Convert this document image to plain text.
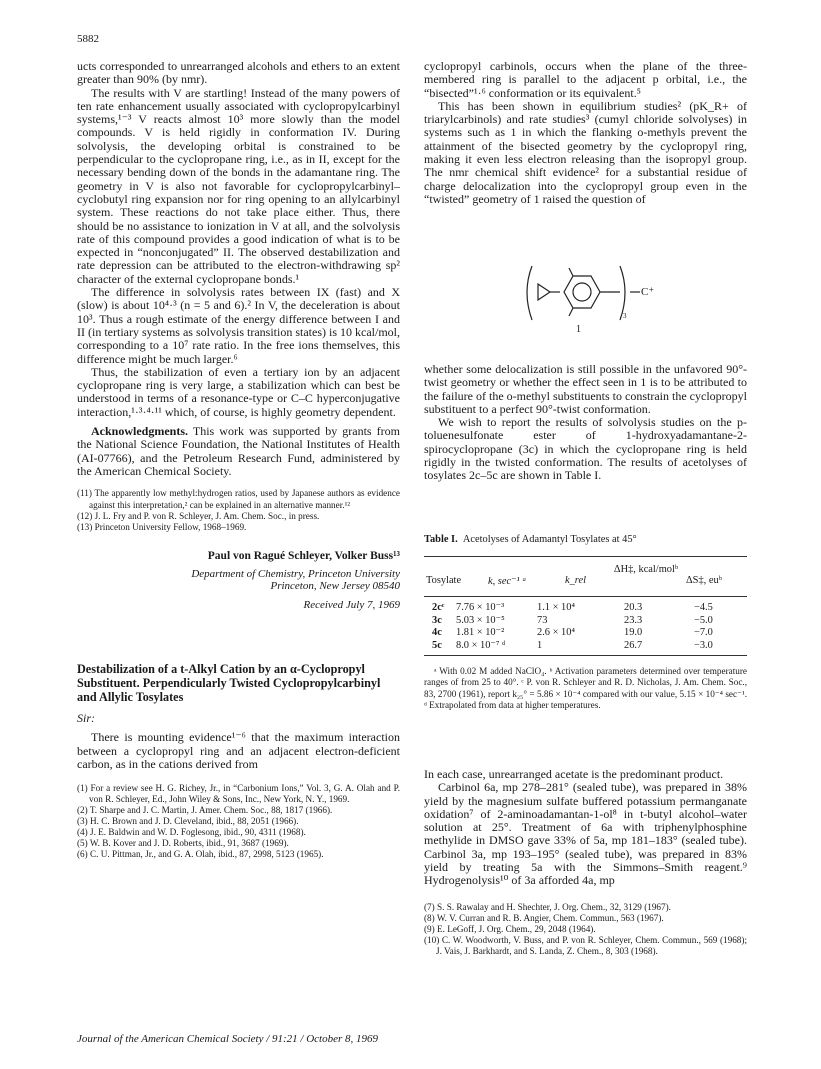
5882

ucts corresponded to unrearranged alcohols and ethers to an extent greater than 90% (by nmr).

The results with V are startling! Instead of the many powers of ten rate enhancement usually associated with cyclopropylcarbinyl systems,¹⁻³ V reacts almost 10³ more slowly than the model compounds. V is held rigidly in conformation IV. During solvolysis, the developing orbital is constrained to be perpendicular to the cyclopropane ring, i.e., as in II, except for the necessary bending down of the bonds in the adamantane ring. The geometry in V is also not favorable for cyclopropylcarbinyl–cyclobutyl ring expansion nor for ring opening to an allylcarbinyl system. These reactions do not take place either. Thus, there should be no assistance to ionization in V at all, and the solvolysis rate of this compound provides a good indication of what is to be expected in “nonconjugated” II. The observed destabilization and rate depression can be attributed to the electron-withdrawing sp² character of the external cyclopropane bonds.¹

The difference in solvolysis rates between IX (fast) and X (slow) is about 10⁴·³ (n = 5 and 6).² In V, the deceleration is about 10³. Thus a rough estimate of the energy difference between I and II (in tertiary systems as solvolysis transition states) is 10 kcal/mol, corresponding to a 10⁷ rate ratio. In the free ions themselves, this difference might be much larger.⁶

Thus, the stabilization of even a tertiary ion by an adjacent cyclopropane ring is very large, a stabilization which can best be understood in terms of a resonance-type or C–C hyperconjugative interaction,¹·³·⁴·¹¹ which, of course, is highly geometry dependent.

Acknowledgments. This work was supported by grants from the National Science Foundation, the National Institutes of Health (AI-07766), and the Petroleum Research Fund, administered by the American Chemical Society.

(11) The apparently low methyl:hydrogen ratios, used by Japanese authors as evidence against this interpretation,² can be explained in an alternative manner.¹²

(12) J. L. Fry and P. von R. Schleyer, J. Am. Chem. Soc., in press.

(13) Princeton University Fellow, 1968–1969.

Paul von Ragué Schleyer, Volker Buss¹³
Department of Chemistry, Princeton University
Princeton, New Jersey 08540
Received July 7, 1969
Destabilization of a t-Alkyl Cation by an α-Cyclopropyl Substituent. Perpendicularly Twisted Cyclopropylcarbinyl and Allylic Tosylates
Sir:

There is mounting evidence¹⁻⁶ that the maximum interaction between a cyclopropyl ring and an adjacent electron-deficient carbon, as in the cations derived from

(1) For a review see H. G. Richey, Jr., in “Carbonium Ions,” Vol. 3, G. A. Olah and P. von R. Schleyer, Ed., John Wiley & Sons, Inc., New York, N. Y., 1969.

(2) T. Sharpe and J. C. Martin, J. Amer. Chem. Soc., 88, 1817 (1966).

(3) H. C. Brown and J. D. Cleveland, ibid., 88, 2051 (1966).

(4) J. E. Baldwin and W. D. Foglesong, ibid., 90, 4311 (1968).

(5) W. B. Kover and J. D. Roberts, ibid., 91, 3687 (1969).

(6) C. U. Pittman, Jr., and G. A. Olah, ibid., 87, 2998, 5123 (1965).

cyclopropyl carbinols, occurs when the plane of the three-membered ring is parallel to the adjacent p orbital, i.e., the “bisected”¹·⁶ conformation or its equivalent.⁵

This has been shown in equilibrium studies² (pK_R+ of triarylcarbinols) and rate studies³ (cumyl chloride solvolyses) in systems such as 1 in which the flanking o-methyls prevent the attainment of the bisected geometry by the cyclopropyl ring, making it even less electron releasing than the isopropyl group. The nmr chemical shift evidence² for a substantial residue of charge delocalization into the cyclopropyl group even in the “twisted” geometry of 1 raised the question of

C⁺
3
1

whether some delocalization is still possible in the unfavored 90°-twist geometry or whether the effect seen in 1 is to be attributed to the failure of the o-methyl substituents to constrain the cyclopropyl substituent to a perfect 90°-twist conformation.

We wish to report the results of solvolysis studies on the p-toluenesulfonate ester of 1-hydroxyadamantane-2-spirocyclopropane (3c) in which the cyclopropane ring is held rigidly in the twisted conformation. The results of acetolyses of tosylates 2c–5c are shown in Table I.

Table I. Acetolyses of Adamantyl Tosylates at 45°
Tosylate	k, sec⁻¹ ᵃ	k_rel
ΔH‡, kcal/molᵇ
ΔS‡, euᵇ
2cᶜ 7.76 × 10⁻³	1.1 × 10⁴	20.3	−4.5
3c 5.03 × 10⁻⁵	73	23.3	−5.0
4c 1.81 × 10⁻²	2.6 × 10⁴	19.0	−7.0
5c 8.0 × 10⁻⁷ ᵈ	1	26.7	−3.0
ᵃ With 0.02 M added NaClO₄. ᵇ Activation parameters determined over temperature ranges of from 25 to 40°. ᶜ P. von R. Schleyer and R. D. Nicholas, J. Am. Chem. Soc., 83, 2700 (1961), report k₂₅° = 5.86 × 10⁻⁴ compared with our value, 5.15 × 10⁻⁴ sec⁻¹. ᵈ Extrapolated from data at higher temperatures.

In each case, unrearranged acetate is the predominant product.

Carbinol 6a, mp 278–281° (sealed tube), was prepared in 38% yield by the magnesium sulfate buffered potassium permanganate oxidation⁷ of 2-aminoadamantan-1-ol⁸ in t-butyl alcohol–water solution at 25°. Treatment of 6a with triphenylphosphine methylide in DMSO gave 33% of 5a, mp 181–183° (sealed tube). Carbinol 3a, mp 193–195° (sealed tube), was prepared in 83% yield by treating 5a with the Simmons–Smith reagent.⁹ Hydrogenolysis¹⁰ of 3a afforded 4a, mp

(7) S. S. Rawalay and H. Shechter, J. Org. Chem., 32, 3129 (1967).

(8) W. V. Curran and R. B. Angier, Chem. Commun., 563 (1967).

(9) E. LeGoff, J. Org. Chem., 29, 2048 (1964).

(10) C. W. Woodworth, V. Buss, and P. von R. Schleyer, Chem. Commun., 569 (1968); J. Vais, J. Barkhardt, and S. Landa, Z. Chem., 8, 303 (1968).

Journal of the American Chemical Society / 91:21 / October 8, 1969
